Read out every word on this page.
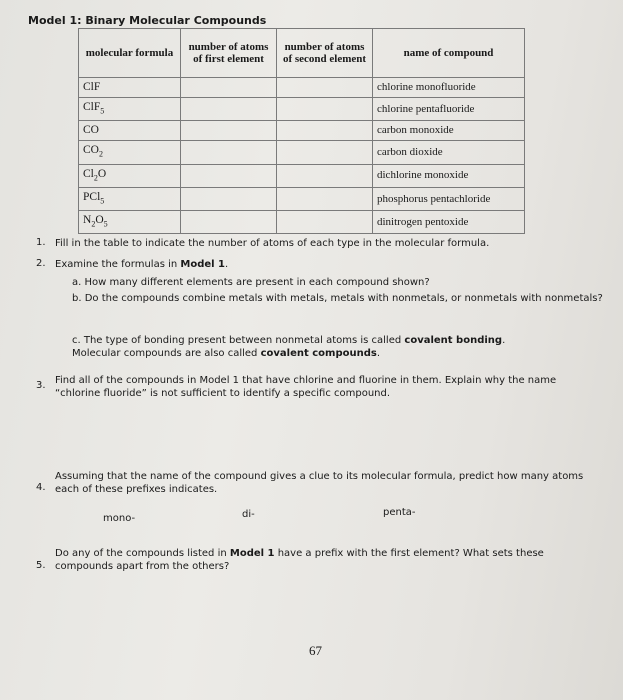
Model 1: Binary Molecular Compounds
molecular formula	number of atoms of first element	number of atoms of second element	name of compound
ClF			chlorine monofluoride
ClF$_5$			chlorine pentafluoride
CO			carbon monoxide
$CO_2$			carbon dioxide
$Cl_2O$			dichlorine monoxide
PCl$_5$			phosphorus pentachloride
$N_2O_5$			dinitrogen pentoxide
1. Fill in the table to indicate the number of atoms of each type in the molecular formula.
2. Examine the formulas in Model 1.
a. How many different elements are present in each compound shown?
b. Do the compounds combine metals with metals, metals with nonmetals, or nonmetals with nonmetals?
c. The type of bonding present between nonmetal atoms is called covalent bonding. Molecular compounds are also called covalent compounds.
3. Find all of the compounds in Model 1 that have chlorine and fluorine in them. Explain why the name “chlorine fluoride” is not sufficient to identify a specific compound.
4.
Assuming that the name of the compound gives a clue to its molecular formula, predict how many atoms each of these prefixes indicates.
mono-	di-	penta-
5.
Do any of the compounds listed in Model 1 have a prefix with the first element? What sets these compounds apart from the others?
67
